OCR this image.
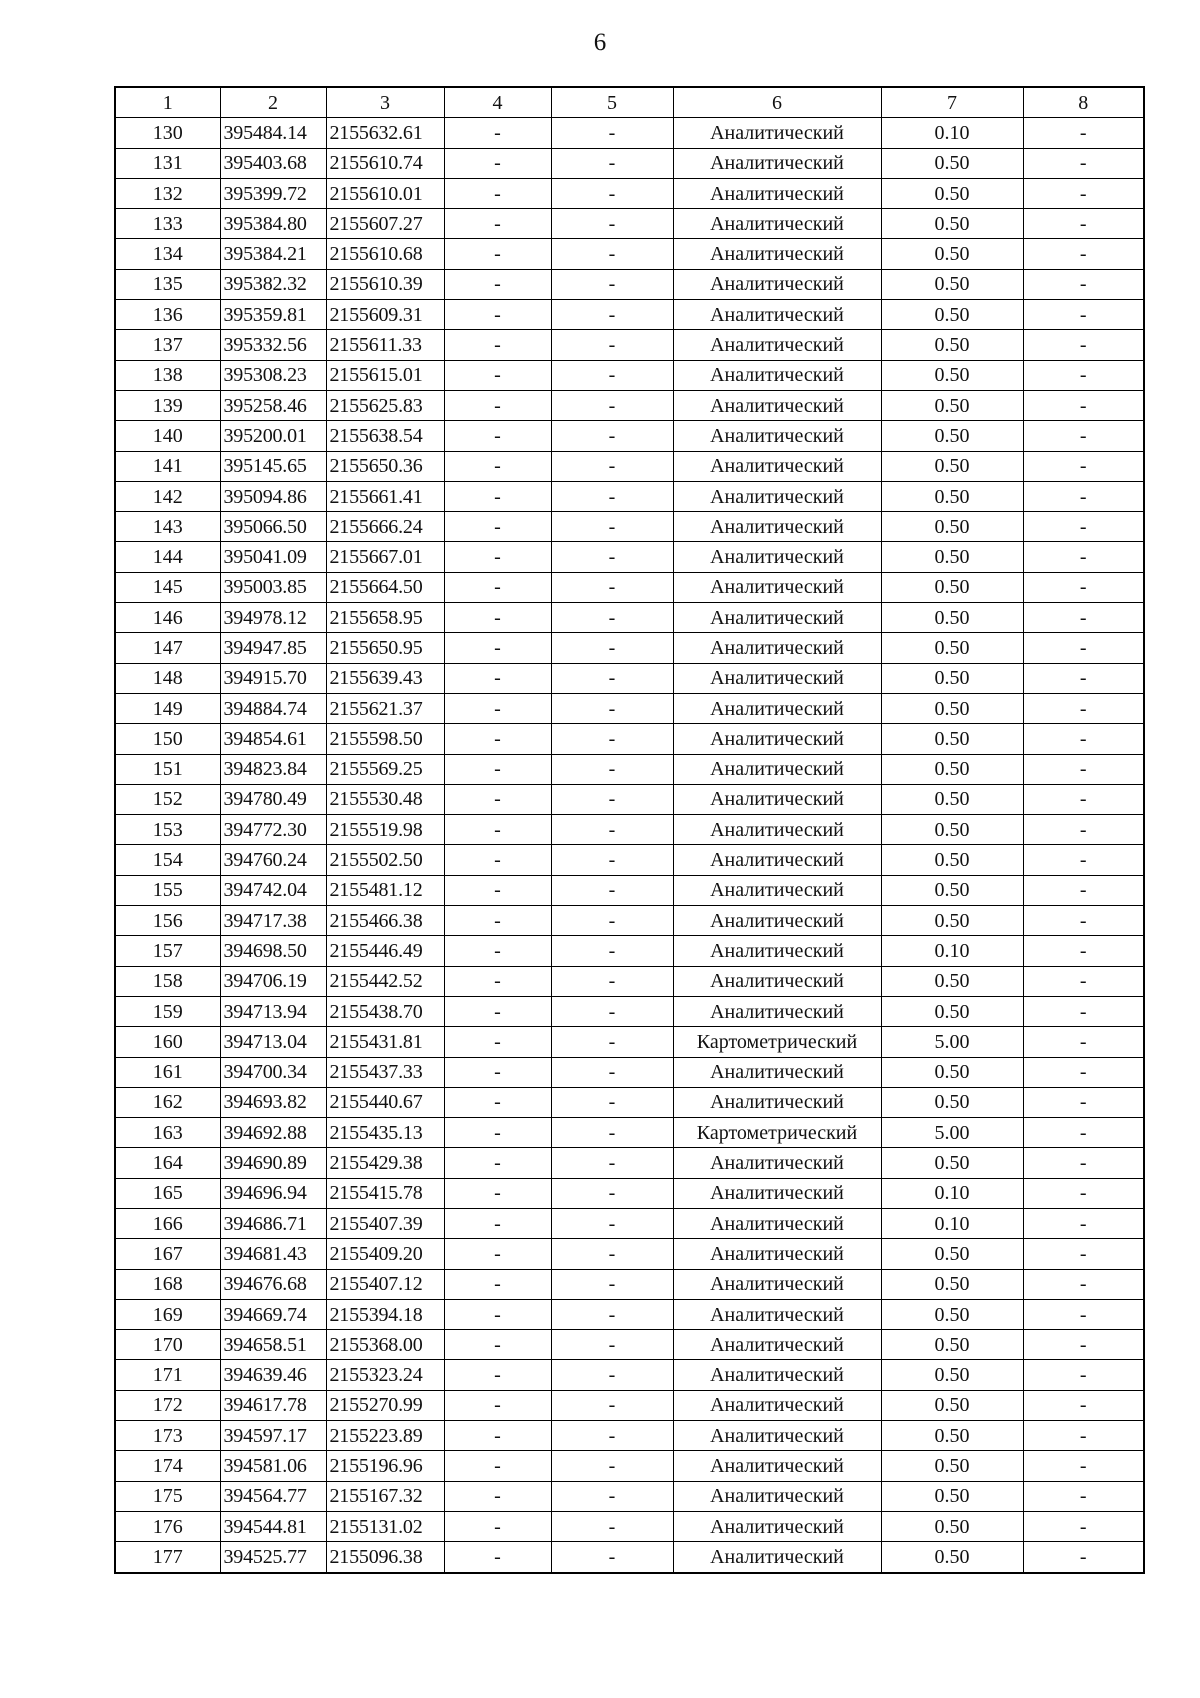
6
1	2	3	4	5	6	7	8
130	395484.14	2155632.61	-	-	Аналитический	0.10	-
131	395403.68	2155610.74	-	-	Аналитический	0.50	-
132	395399.72	2155610.01	-	-	Аналитический	0.50	-
133	395384.80	2155607.27	-	-	Аналитический	0.50	-
134	395384.21	2155610.68	-	-	Аналитический	0.50	-
135	395382.32	2155610.39	-	-	Аналитический	0.50	-
136	395359.81	2155609.31	-	-	Аналитический	0.50	-
137	395332.56	2155611.33	-	-	Аналитический	0.50	-
138	395308.23	2155615.01	-	-	Аналитический	0.50	-
139	395258.46	2155625.83	-	-	Аналитический	0.50	-
140	395200.01	2155638.54	-	-	Аналитический	0.50	-
141	395145.65	2155650.36	-	-	Аналитический	0.50	-
142	395094.86	2155661.41	-	-	Аналитический	0.50	-
143	395066.50	2155666.24	-	-	Аналитический	0.50	-
144	395041.09	2155667.01	-	-	Аналитический	0.50	-
145	395003.85	2155664.50	-	-	Аналитический	0.50	-
146	394978.12	2155658.95	-	-	Аналитический	0.50	-
147	394947.85	2155650.95	-	-	Аналитический	0.50	-
148	394915.70	2155639.43	-	-	Аналитический	0.50	-
149	394884.74	2155621.37	-	-	Аналитический	0.50	-
150	394854.61	2155598.50	-	-	Аналитический	0.50	-
151	394823.84	2155569.25	-	-	Аналитический	0.50	-
152	394780.49	2155530.48	-	-	Аналитический	0.50	-
153	394772.30	2155519.98	-	-	Аналитический	0.50	-
154	394760.24	2155502.50	-	-	Аналитический	0.50	-
155	394742.04	2155481.12	-	-	Аналитический	0.50	-
156	394717.38	2155466.38	-	-	Аналитический	0.50	-
157	394698.50	2155446.49	-	-	Аналитический	0.10	-
158	394706.19	2155442.52	-	-	Аналитический	0.50	-
159	394713.94	2155438.70	-	-	Аналитический	0.50	-
160	394713.04	2155431.81	-	-	Картометрический	5.00	-
161	394700.34	2155437.33	-	-	Аналитический	0.50	-
162	394693.82	2155440.67	-	-	Аналитический	0.50	-
163	394692.88	2155435.13	-	-	Картометрический	5.00	-
164	394690.89	2155429.38	-	-	Аналитический	0.50	-
165	394696.94	2155415.78	-	-	Аналитический	0.10	-
166	394686.71	2155407.39	-	-	Аналитический	0.10	-
167	394681.43	2155409.20	-	-	Аналитический	0.50	-
168	394676.68	2155407.12	-	-	Аналитический	0.50	-
169	394669.74	2155394.18	-	-	Аналитический	0.50	-
170	394658.51	2155368.00	-	-	Аналитический	0.50	-
171	394639.46	2155323.24	-	-	Аналитический	0.50	-
172	394617.78	2155270.99	-	-	Аналитический	0.50	-
173	394597.17	2155223.89	-	-	Аналитический	0.50	-
174	394581.06	2155196.96	-	-	Аналитический	0.50	-
175	394564.77	2155167.32	-	-	Аналитический	0.50	-
176	394544.81	2155131.02	-	-	Аналитический	0.50	-
177	394525.77	2155096.38	-	-	Аналитический	0.50	-
